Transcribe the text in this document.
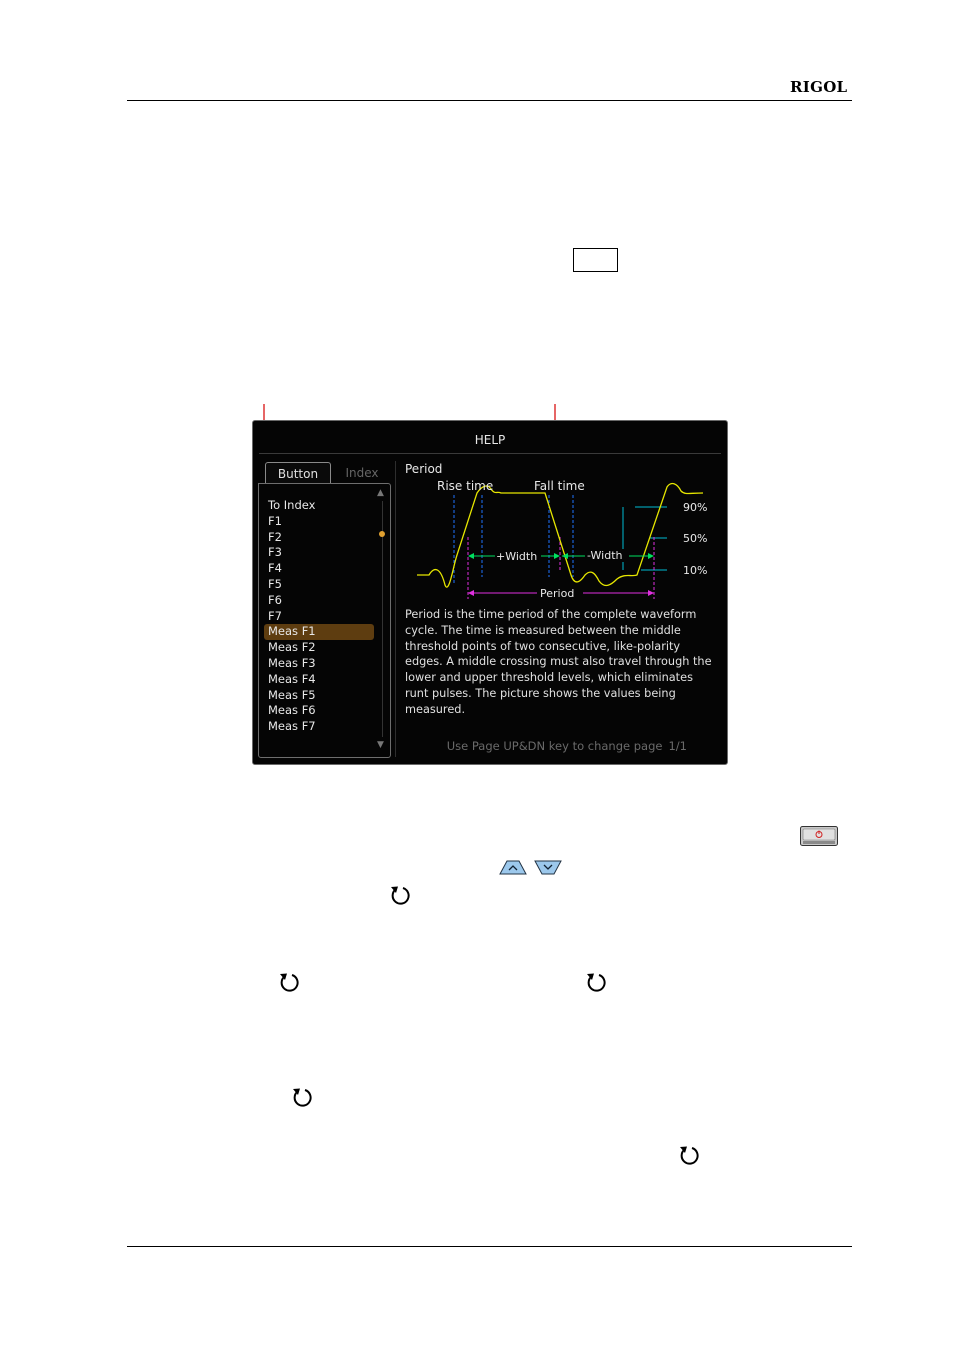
RIGOL
HELP
Button	Index
To Index
F1
F2
F3
F4
F5
F6
F7
Meas F1
Meas F2
Meas F3
Meas F4
Meas F5
Meas F6
Meas F7
▲
▼
Period
Rise time	Fall time
+Width	-Width
Period
90%
50%
10%
Period is the time period of the complete waveform cycle. The time is measured between the middle threshold points of two consecutive, like-polarity edges. A middle crossing must also travel through the lower and upper threshold levels, which eliminates runt pulses. The picture shows the values being measured.
Use Page UP&DN key to change page 1/1
